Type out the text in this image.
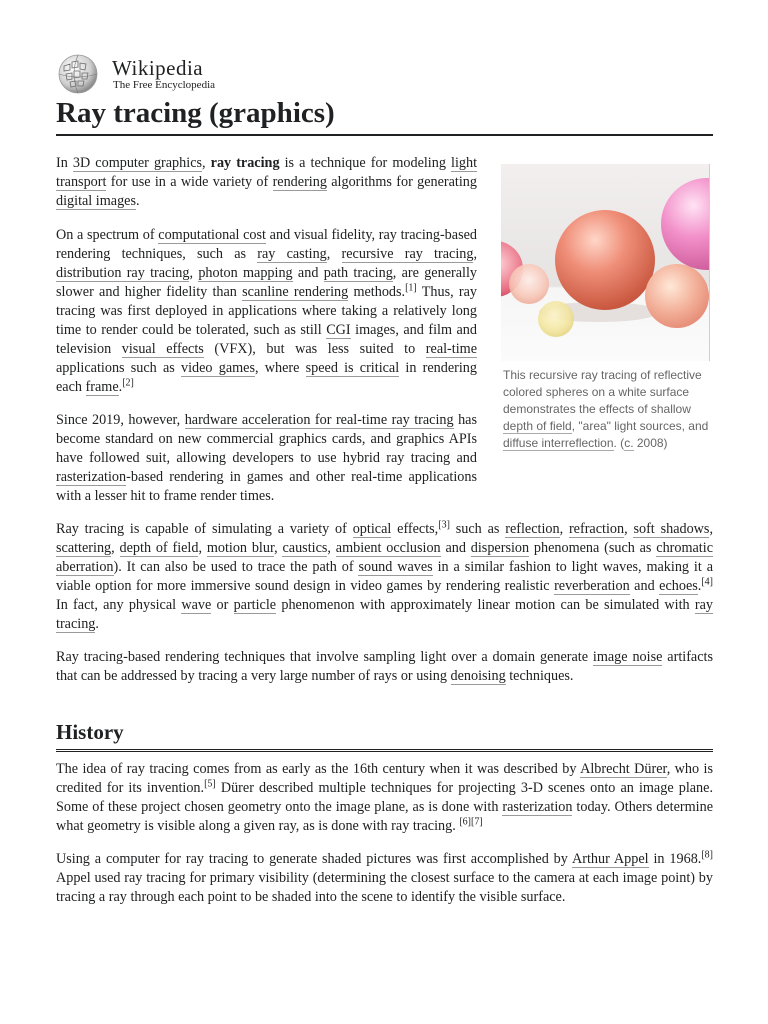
Wikipedia
The Free Encyclopedia
Ray tracing (graphics)

In 3D computer graphics, ray tracing is a technique for modeling light transport for use in a wide variety of rendering algorithms for generating digital images.

On a spectrum of computational cost and visual fidelity, ray tracing-based rendering techniques, such as ray casting, recursive ray tracing, distribution ray tracing, photon mapping and path tracing, are generally slower and higher fidelity than scanline rendering methods.[1] Thus, ray tracing was first deployed in applications where taking a relatively long time to render could be tolerated, such as still CGI images, and film and television visual effects (VFX), but was less suited to real-time applications such as video games, where speed is critical in rendering each frame.[2]

Since 2019, however, hardware acceleration for real-time ray tracing has become standard on new commercial graphics cards, and graphics APIs have followed suit, allowing developers to use hybrid ray tracing and rasterization-based rendering in games and other real-time applications with a lesser hit to frame render times.

This recursive ray tracing of reflective colored spheres on a white surface demonstrates the effects of shallow depth of field, "area" light sources, and diffuse interreflection. (c. 2008)

Ray tracing is capable of simulating a variety of optical effects,[3] such as reflection, refraction, soft shadows, scattering, depth of field, motion blur, caustics, ambient occlusion and dispersion phenomena (such as chromatic aberration). It can also be used to trace the path of sound waves in a similar fashion to light waves, making it a viable option for more immersive sound design in video games by rendering realistic reverberation and echoes.[4] In fact, any physical wave or particle phenomenon with approximately linear motion can be simulated with ray tracing.

Ray tracing-based rendering techniques that involve sampling light over a domain generate image noise artifacts that can be addressed by tracing a very large number of rays or using denoising techniques.

History

The idea of ray tracing comes from as early as the 16th century when it was described by Albrecht Dürer, who is credited for its invention.[5] Dürer described multiple techniques for projecting 3-D scenes onto an image plane. Some of these project chosen geometry onto the image plane, as is done with rasterization today. Others determine what geometry is visible along a given ray, as is done with ray tracing. [6][7]

Using a computer for ray tracing to generate shaded pictures was first accomplished by Arthur Appel in 1968.[8] Appel used ray tracing for primary visibility (determining the closest surface to the camera at each image point) by tracing a ray through each point to be shaded into the scene to identify the visible surface.
